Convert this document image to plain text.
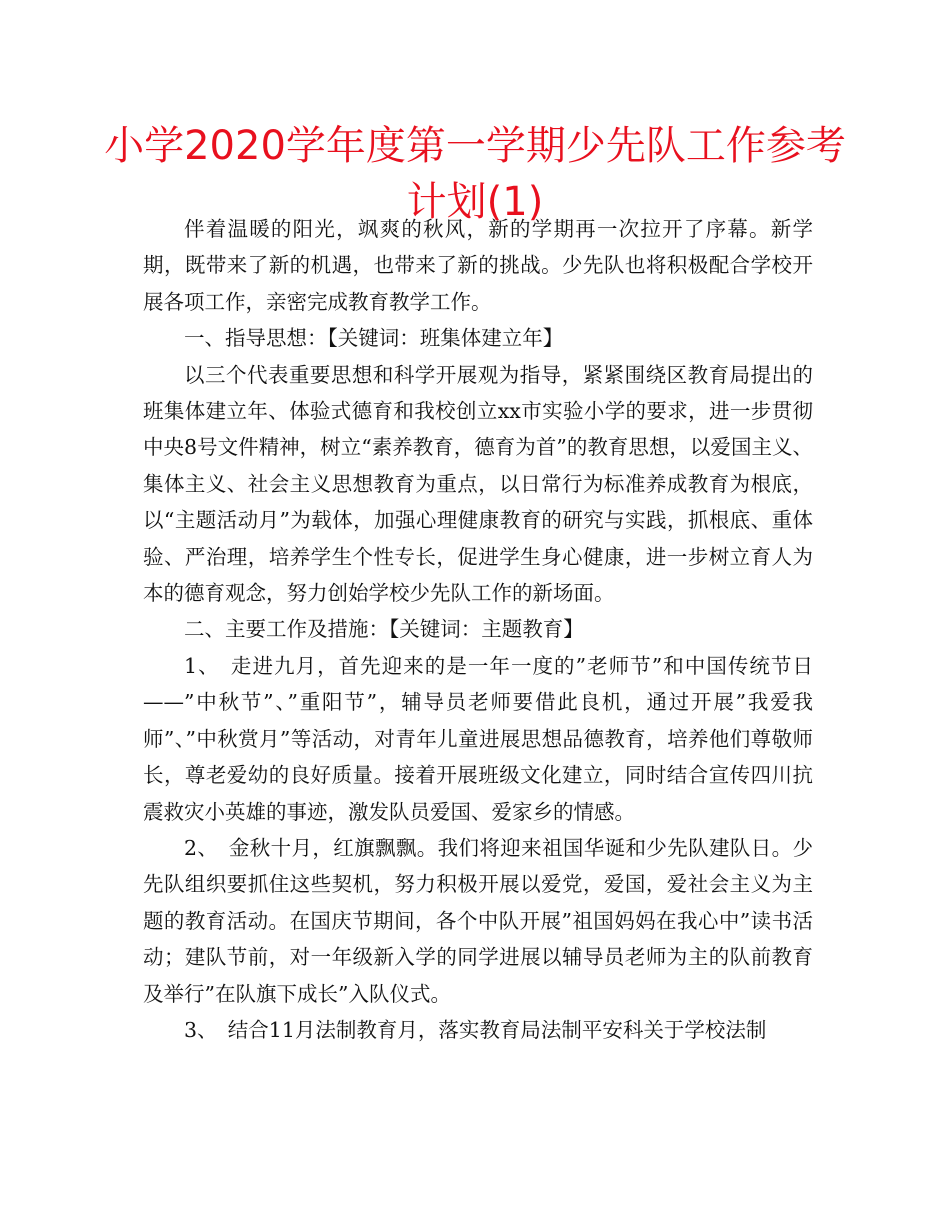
小学2020学年度第一学期少先队工作参考
计划(1)

伴着温暖的阳光，飒爽的秋风，新的学期再一次拉开了序幕。新学期，既带来了新的机遇，也带来了新的挑战。少先队也将积极配合学校开展各项工作，亲密完成教育教学工作。

一、指导思想：【关键词：班集体建立年】

以三个代表重要思想和科学开展观为指导，紧紧围绕区教育局提出的班集体建立年、体验式德育和我校创立xx市实验小学的要求，进一步贯彻中央8号文件精神，树立“素养教育，德育为首”的教育思想，以爱国主义、集体主义、社会主义思想教育为重点，以日常行为标准养成教育为根底，以“主题活动月”为载体，加强心理健康教育的研究与实践，抓根底、重体验、严治理，培养学生个性专长，促进学生身心健康，进一步树立育人为本的德育观念，努力创始学校少先队工作的新场面。

二、主要工作及措施：【关键词：主题教育】

1、　走进九月，首先迎来的是一年一度的”老师节”和中国传统节日——”中秋节”、”重阳节”，辅导员老师要借此良机，通过开展”我爱我师”、”中秋赏月”等活动，对青年儿童进展思想品德教育，培养他们尊敬师长，尊老爱幼的良好质量。接着开展班级文化建立，同时结合宣传四川抗震救灾小英雄的事迹，激发队员爱国、爱家乡的情感。

2、　金秋十月，红旗飘飘。我们将迎来祖国华诞和少先队建队日。少先队组织要抓住这些契机，努力积极开展以爱党，爱国，爱社会主义为主题的教育活动。在国庆节期间，各个中队开展”祖国妈妈在我心中”读书活动；建队节前，对一年级新入学的同学进展以辅导员老师为主的队前教育及举行”在队旗下成长”入队仪式。

3、　结合11月法制教育月，落实教育局法制平安科关于学校法制
